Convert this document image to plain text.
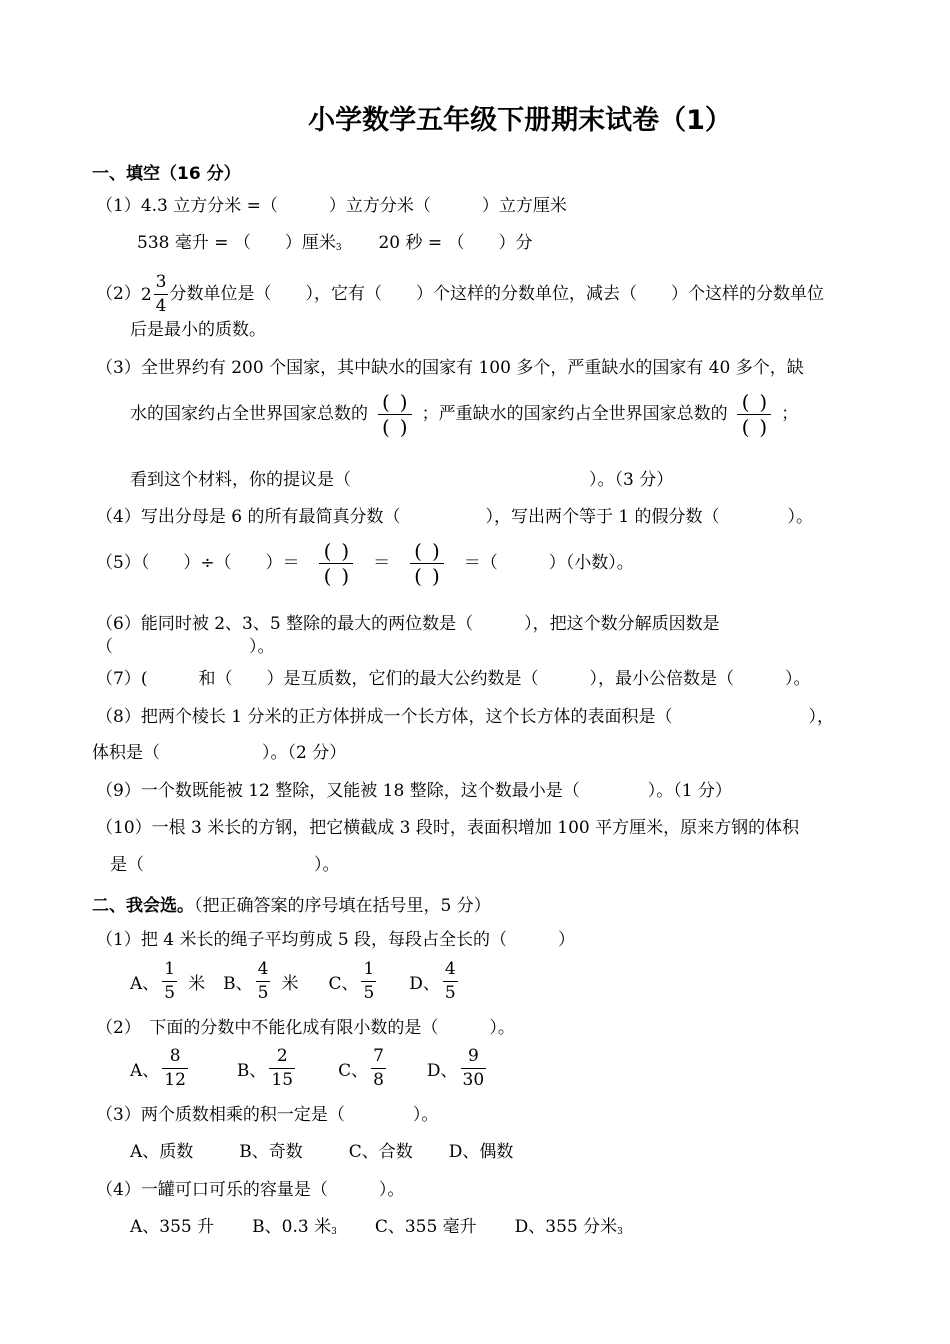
小学数学五年级下册期末试卷（1）
一、填空（16 分）
（1）4.3 立方分米 =（　　　）立方分米（　　　）立方厘米
538 毫升 = （　　）厘米$_3$ 20 秒 = （　　）分
（2） $2 \frac{3}{4}$ 分数单位是（　　），它有（　　）个这样的分数单位，减去（　　）个这样的分数单位
后是最小的质数。
（3）全世界约有 200 个国家，其中缺水的国家有 100 多个，严重缺水的国家有 40 多个，缺
水的国家约占全世界国家总数的 ()
()
；严重缺水的国家约占全世界国家总数的 ()
()
；
看到这个材料，你的提议是（　　　　　　　　　　　　　　）。（3 分）
（4）写出分母是 6 的所有最简真分数（　　　　　），写出两个等于 1 的假分数（　　　　）。
（5）（　　）÷（　　）＝	()
()
＝	()
()
＝（　　　）（小数）。
（6）能同时被 2、3、5 整除的最大的两位数是（　　　），把这个数分解质因数是
（　　　　　　　　）。
（7）(　　　和（　　）是互质数，它们的最大公约数是（　　　），最小公倍数是（　　　）。
（8）把两个棱长 1 分米的正方体拼成一个长方体，这个长方体的表面积是（　　　　　　　　），
体积是（　　　　　　）。（2 分）
（9）一个数既能被 12 整除，又能被 18 整除，这个数最小是（　　　　）。（1 分）
（10）一根 3 米长的方钢，把它横截成 3 段时，表面积增加 100 平方厘米，原来方钢的体积
是（　　　　　　　　　　）。
二、我会选。（把正确答案的序号填在括号里，5 分）
（1）把 4 米长的绳子平均剪成 5 段，每段占全长的（　　　）
A、 $\frac{1}{5}$ 米 B、 $\frac{4}{5}$ 米 C、 $\frac{1}{5}$ D、 $\frac{4}{5}$
（2）　下面的分数中不能化成有限小数的是（　　　）。
A、 $\frac{8}{12}$	B、 $\frac{2}{15}$	C、 $\frac{7}{8}$ D、 $\frac{9}{30}$
（3）两个质数相乘的积一定是（　　　　）。
A、质数	B、奇数	C、合数 D、偶数
（4）一罐可口可乐的容量是（　　　）。
A、355 升 B、0.3 米$_3$ C、355 毫升 D、355 分米$_3$
